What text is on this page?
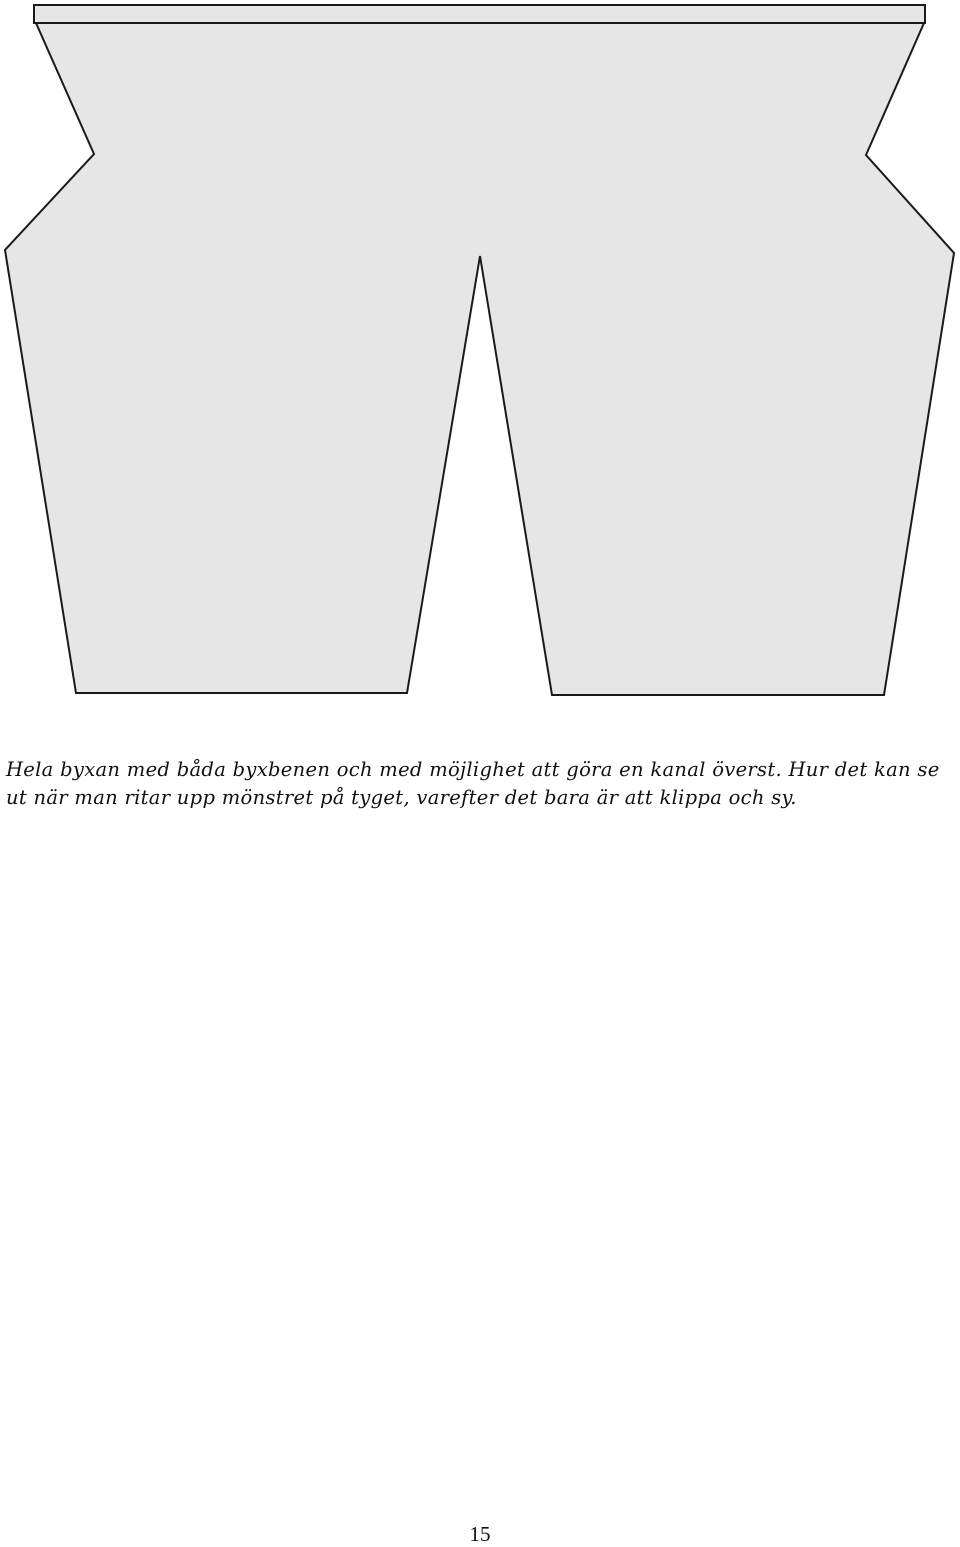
Hela byxan med båda byxbenen och med möjlighet att göra en kanal överst. Hur det kan se ut när man ritar upp mönstret på tyget, varefter det bara är att klippa och sy.

15
